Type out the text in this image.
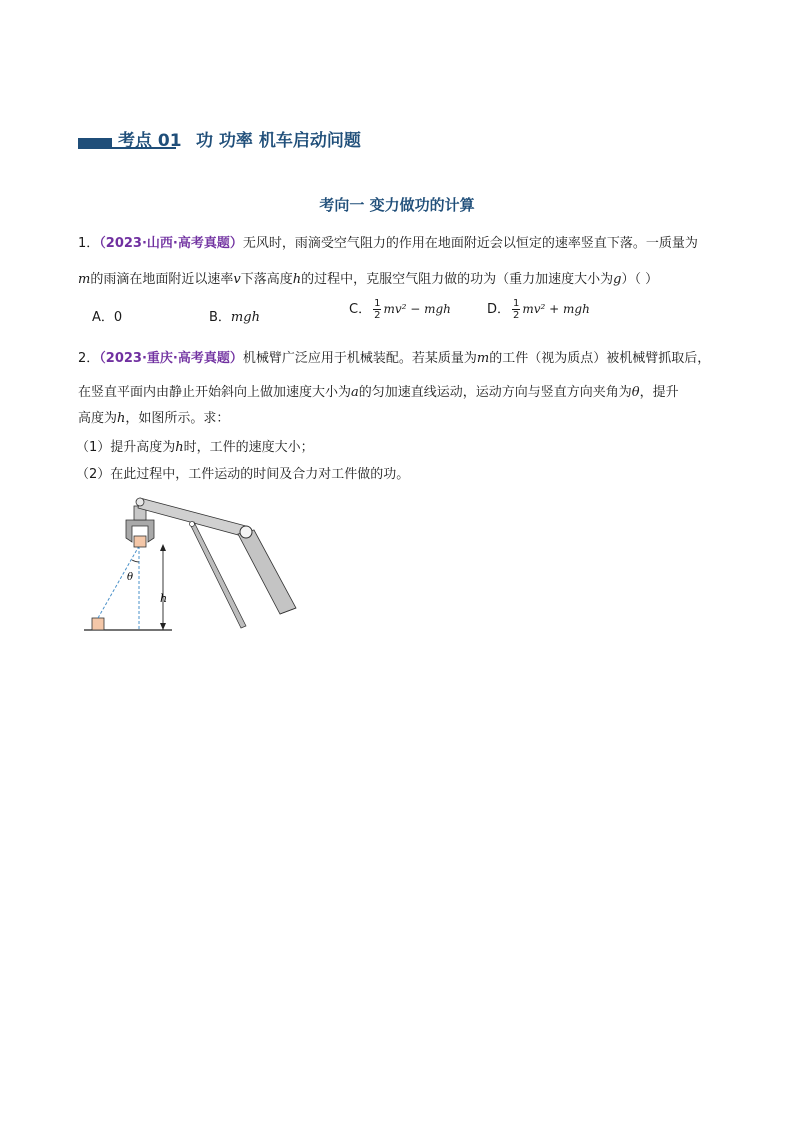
考点 01 功 功率 机车启动问题
考向一 变力做功的计算
1．（2023·山西·高考真题）无风时，雨滴受空气阻力的作用在地面附近会以恒定的速率竖直下落。一质量为
m的雨滴在地面附近以速率v下落高度h的过程中，克服空气阻力做的功为（重力加速度大小为g）（ ）
A．0	B．mgh
C． $\frac{1}{2} mv^2$ − mgh	D． $\frac{1}{2} mv^2$ + mgh
2．（2023·重庆·高考真题）机械臂广泛应用于机械装配。若某质量为m的工件（视为质点）被机械臂抓取后，
在竖直平面内由静止开始斜向上做加速度大小为a的匀加速直线运动，运动方向与竖直方向夹角为θ，提升
高度为h，如图所示。求：
（1）提升高度为h时，工件的速度大小；
（2）在此过程中，工件运动的时间及合力对工件做的功。
θ
h
